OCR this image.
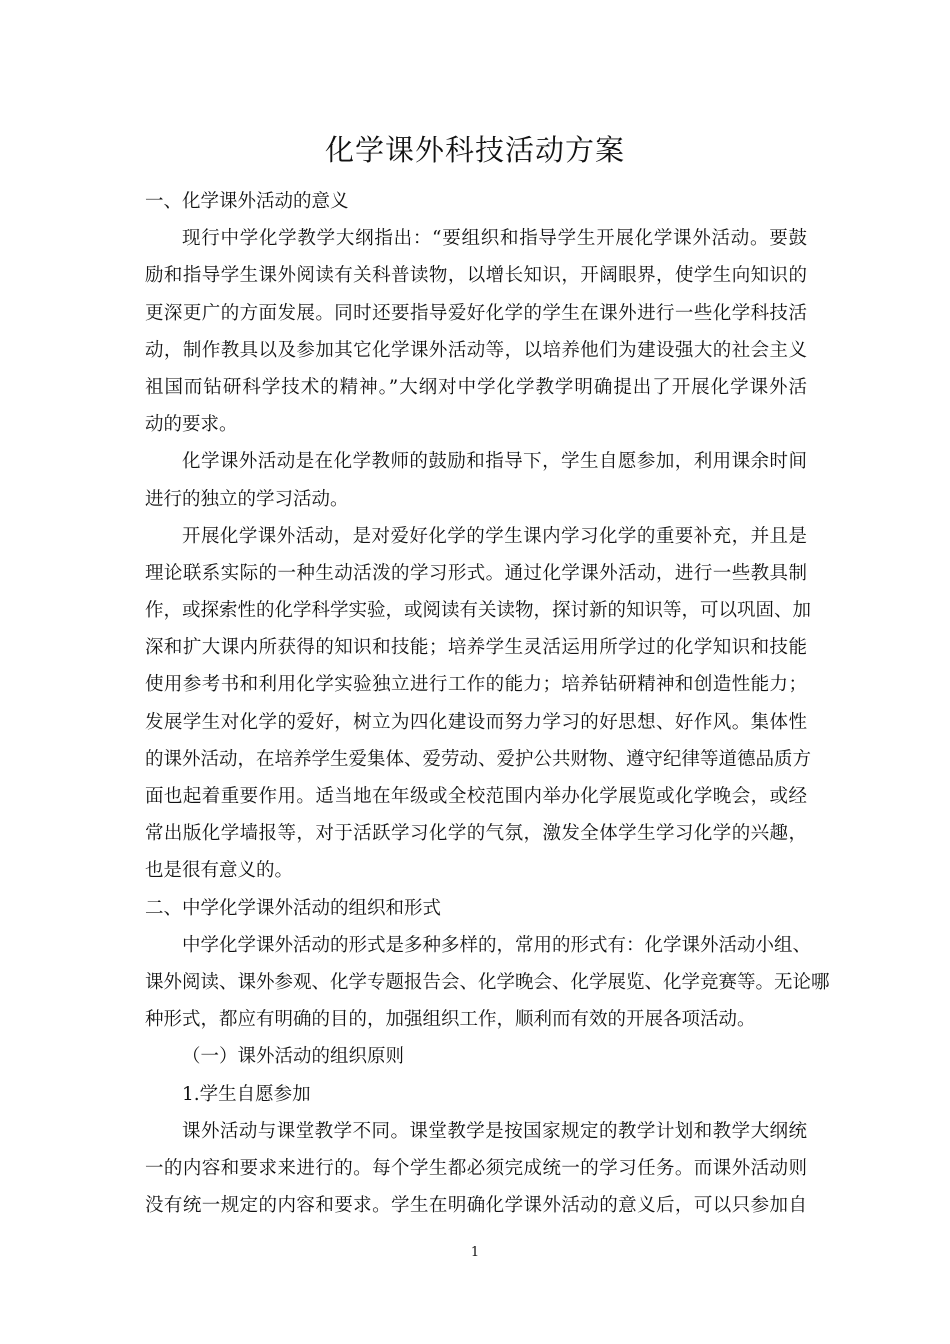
化学课外科技活动方案
一、化学课外活动的意义
现行中学化学教学大纲指出：“要组织和指导学生开展化学课外活动。要鼓
励和指导学生课外阅读有关科普读物，以增长知识，开阔眼界，使学生向知识的
更深更广的方面发展。同时还要指导爱好化学的学生在课外进行一些化学科技活
动，制作教具以及参加其它化学课外活动等，以培养他们为建设强大的社会主义
祖国而钻研科学技术的精神。”大纲对中学化学教学明确提出了开展化学课外活
动的要求。
化学课外活动是在化学教师的鼓励和指导下，学生自愿参加，利用课余时间
进行的独立的学习活动。
开展化学课外活动，是对爱好化学的学生课内学习化学的重要补充，并且是
理论联系实际的一种生动活泼的学习形式。通过化学课外活动，进行一些教具制
作，或探索性的化学科学实验，或阅读有关读物，探讨新的知识等，可以巩固、加
深和扩大课内所获得的知识和技能；培养学生灵活运用所学过的化学知识和技能
使用参考书和利用化学实验独立进行工作的能力；培养钻研精神和创造性能力；
发展学生对化学的爱好，树立为四化建设而努力学习的好思想、好作风。集体性
的课外活动，在培养学生爱集体、爱劳动、爱护公共财物、遵守纪律等道德品质方
面也起着重要作用。适当地在年级或全校范围内举办化学展览或化学晚会，或经
常出版化学墙报等，对于活跃学习化学的气氛，激发全体学生学习化学的兴趣，
也是很有意义的。
二、中学化学课外活动的组织和形式
中学化学课外活动的形式是多种多样的，常用的形式有：化学课外活动小组、
课外阅读、课外参观、化学专题报告会、化学晚会、化学展览、化学竞赛等。无论哪
种形式，都应有明确的目的，加强组织工作，顺利而有效的开展各项活动。
（一）课外活动的组织原则
1.学生自愿参加
课外活动与课堂教学不同。课堂教学是按国家规定的教学计划和教学大纲统
一的内容和要求来进行的。每个学生都必须完成统一的学习任务。而课外活动则
没有统一规定的内容和要求。学生在明确化学课外活动的意义后，可以只参加自
1
